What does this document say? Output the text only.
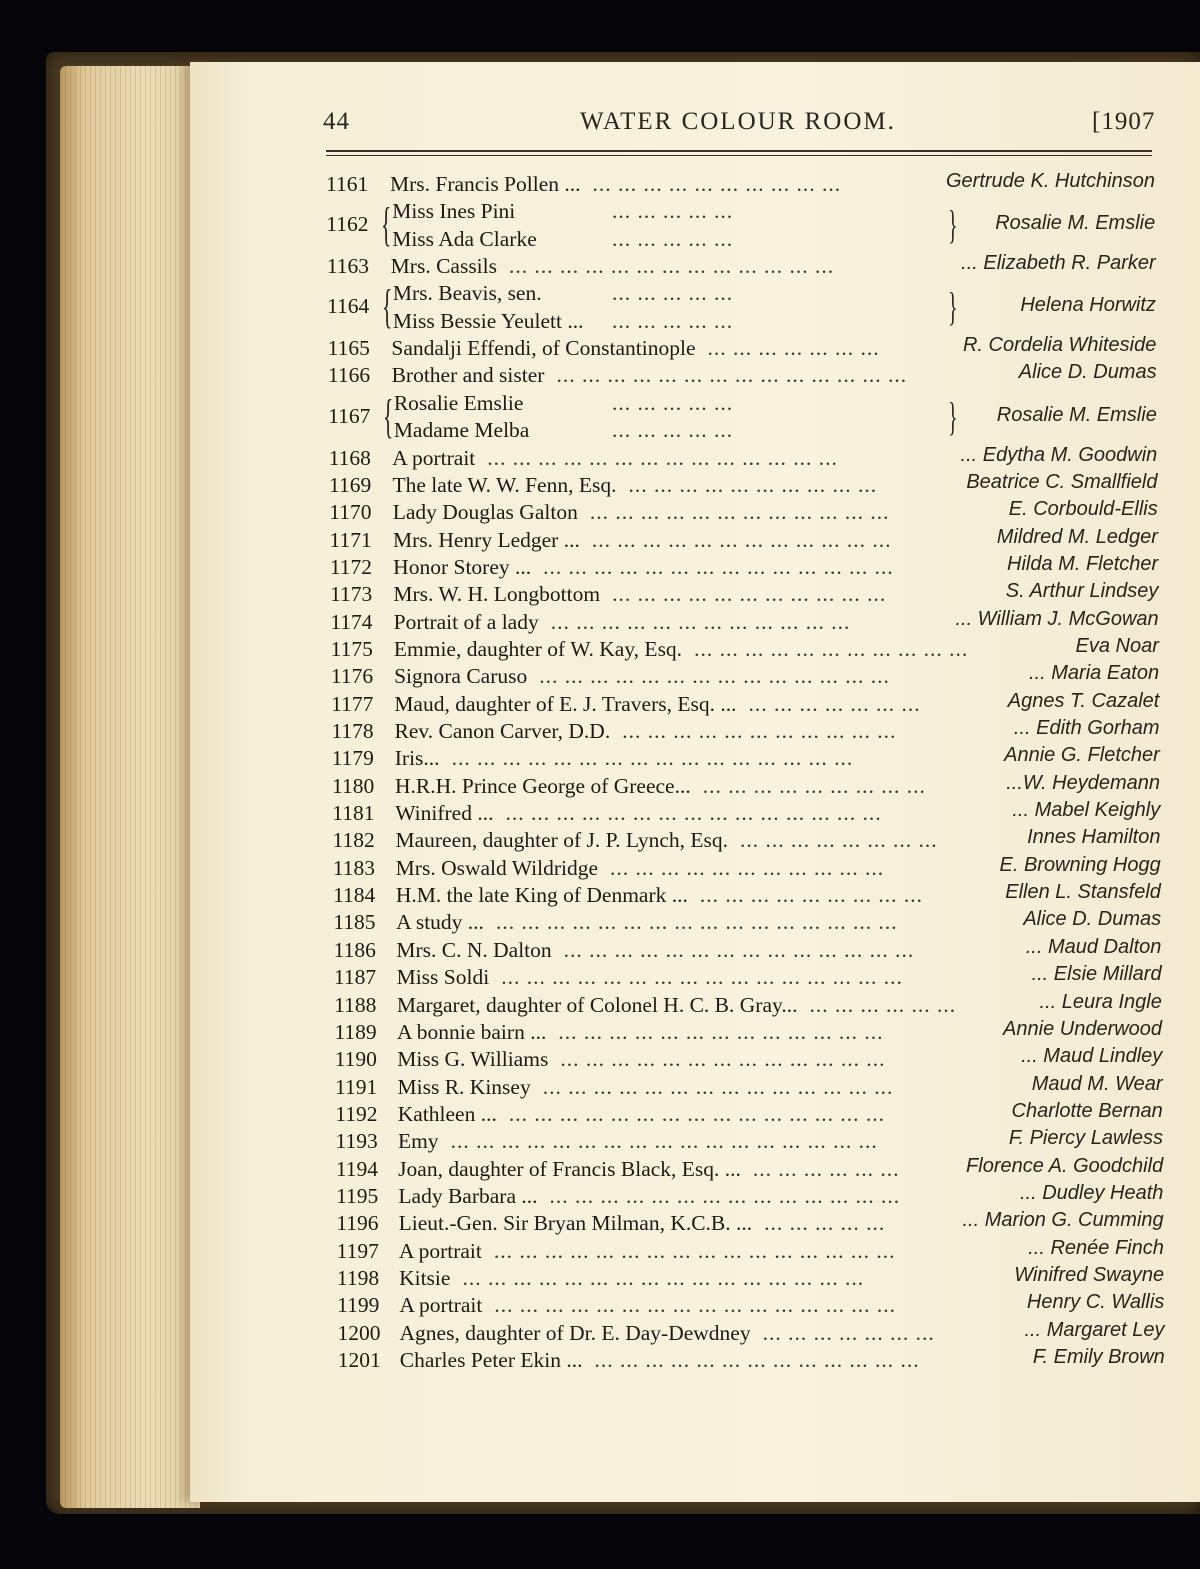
44	WATER COLOUR ROOM.	[1907
1161 Mrs. Francis Pollen ...	Gertrude K. Hutchinson
... ... ... ... ... ... ... ... ... ...
1162 { Miss Ines Pini	... ... ... ... ...
Miss Ada Clarke	... ... ... ... ...	} Rosalie M. Emslie
1163 Mrs. Cassils	... Elizabeth R. Parker
... ... ... ... ... ... ... ... ... ... ... ... ...
1164 { Mrs. Beavis, sen.	... ... ... ... ...
Miss Bessie Yeulett ... ... ... ... ... ...	}	Helena Horwitz
1165 Sandalji Effendi, of Constantinople	R. Cordelia Whiteside
... ... ... ... ... ... ...
1166 Brother and sister	Alice D. Dumas
... ... ... ... ... ... ... ... ... ... ... ... ... ...
1167 { Rosalie Emslie	... ... ... ... ...
Madame Melba	... ... ... ... ...	} Rosalie M. Emslie
1168 A portrait	... Edytha M. Goodwin
... ... ... ... ... ... ... ... ... ... ... ... ... ...
1169 The late W. W. Fenn, Esq.	Beatrice C. Smallfield
... ... ... ... ... ... ... ... ... ...
1170 Lady Douglas Galton	E. Corbould-Ellis
... ... ... ... ... ... ... ... ... ... ... ...
1171 Mrs. Henry Ledger ...	Mildred M. Ledger
... ... ... ... ... ... ... ... ... ... ... ...
1172 Honor Storey ...	Hilda M. Fletcher
... ... ... ... ... ... ... ... ... ... ... ... ... ...
1173 Mrs. W. H. Longbottom	S. Arthur Lindsey
... ... ... ... ... ... ... ... ... ... ...
1174 Portrait of a lady	... William J. McGowan
... ... ... ... ... ... ... ... ... ... ... ...
1175 Emmie, daughter of W. Kay, Esq.	Eva Noar
... ... ... ... ... ... ... ... ... ... ...
1176 Signora Caruso	... Maria Eaton
... ... ... ... ... ... ... ... ... ... ... ... ... ...
1177 Maud, daughter of E. J. Travers, Esq. ...	Agnes T. Cazalet
... ... ... ... ... ... ...
1178 Rev. Canon Carver, D.D.	... Edith Gorham
... ... ... ... ... ... ... ... ... ... ...
1179 Iris...	Annie G. Fletcher
... ... ... ... ... ... ... ... ... ... ... ... ... ... ... ...
1180 H.R.H. Prince George of Greece...	...W. Heydemann
... ... ... ... ... ... ... ... ...
1181 Winifred ...	... Mabel Keighly
... ... ... ... ... ... ... ... ... ... ... ... ... ... ...
1182 Maureen, daughter of J. P. Lynch, Esq.	Innes Hamilton
... ... ... ... ... ... ... ...
1183 Mrs. Oswald Wildridge	E. Browning Hogg
... ... ... ... ... ... ... ... ... ... ...
1184 H.M. the late King of Denmark ...	Ellen L. Stansfeld
... ... ... ... ... ... ... ... ...
1185 A study ...	Alice D. Dumas
... ... ... ... ... ... ... ... ... ... ... ... ... ... ... ...
1186 Mrs. C. N. Dalton	... Maud Dalton
... ... ... ... ... ... ... ... ... ... ... ... ... ...
1187 Miss Soldi	... Elsie Millard
... ... ... ... ... ... ... ... ... ... ... ... ... ... ... ...
1188 Margaret, daughter of Colonel H. C. B. Gray...	... Leura Ingle
... ... ... ... ... ...
1189 A bonnie bairn ...	Annie Underwood
... ... ... ... ... ... ... ... ... ... ... ... ...
1190 Miss G. Williams	... Maud Lindley
... ... ... ... ... ... ... ... ... ... ... ... ...
1191 Miss R. Kinsey	Maud M. Wear
... ... ... ... ... ... ... ... ... ... ... ... ... ...
1192 Kathleen ...	Charlotte Bernan
... ... ... ... ... ... ... ... ... ... ... ... ... ... ...
1193 Emy	F. Piercy Lawless
... ... ... ... ... ... ... ... ... ... ... ... ... ... ... ... ...
1194 Joan, daughter of Francis Black, Esq. ...	Florence A. Goodchild
... ... ... ... ... ...
1195 Lady Barbara ...	... Dudley Heath
... ... ... ... ... ... ... ... ... ... ... ... ... ...
1196 Lieut.-Gen. Sir Bryan Milman, K.C.B. ...	... Marion G. Cumming
... ... ... ... ...
1197 A portrait	... Renée Finch
... ... ... ... ... ... ... ... ... ... ... ... ... ... ... ...
1198 Kitsie	Winifred Swayne
... ... ... ... ... ... ... ... ... ... ... ... ... ... ... ...
1199 A portrait	Henry C. Wallis
... ... ... ... ... ... ... ... ... ... ... ... ... ... ... ...
1200 Agnes, daughter of Dr. E. Day-Dewdney	... Margaret Ley
... ... ... ... ... ... ...
1201 Charles Peter Ekin ...	F. Emily Brown
... ... ... ... ... ... ... ... ... ... ... ... ...
